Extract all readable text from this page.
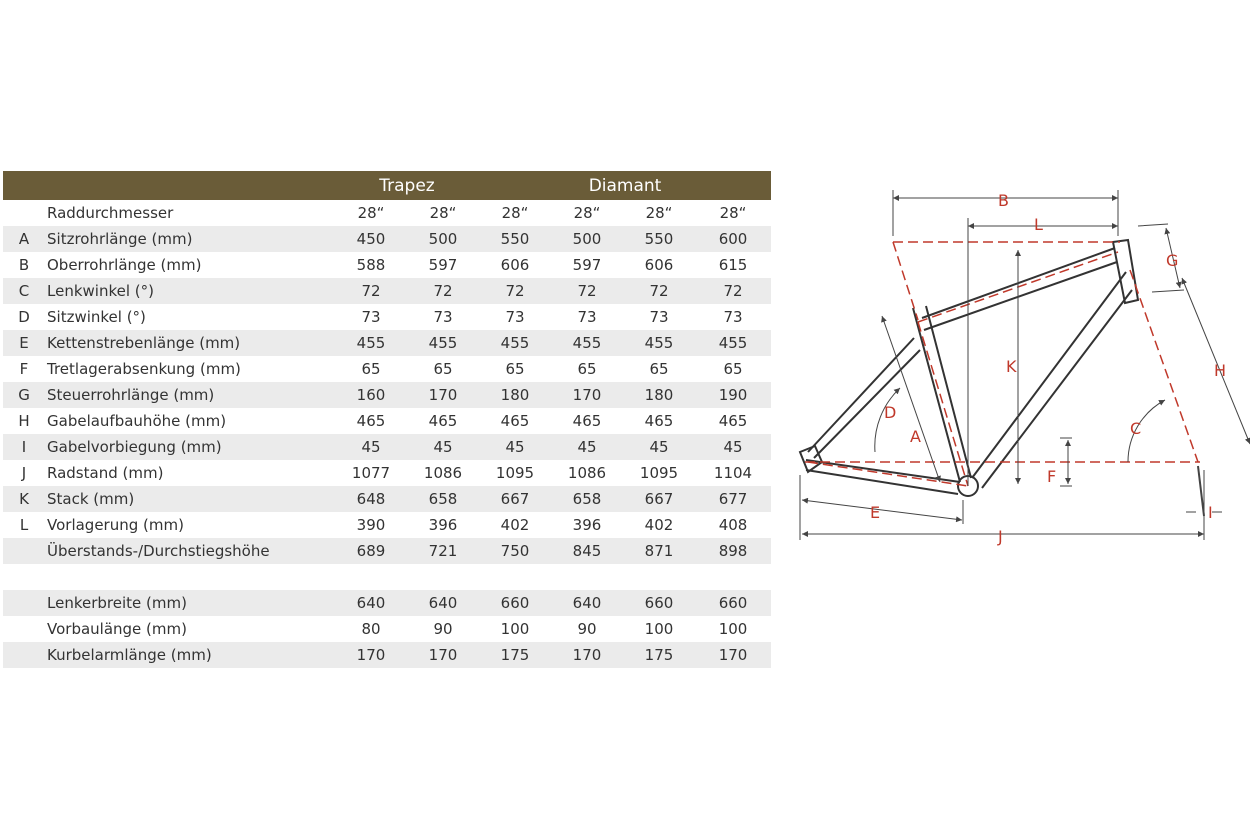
		Trapez		Diamant			
	Raddurchmesser	28“	28“	28“	28“	28“	28“
A	Sitzrohrlänge (mm)	450	500	550	500	550	600
B	Oberrohrlänge (mm)	588	597	606	597	606	615
C	Lenkwinkel (°)	72	72	72	72	72	72
D	Sitzwinkel (°)	73	73	73	73	73	73
E	Kettenstrebenlänge (mm)	455	455	455	455	455	455
F	Tretlagerabsenkung (mm)	65	65	65	65	65	65
G	Steuerrohrlänge (mm)	160	170	180	170	180	190
H	Gabelaufbauhöhe (mm)	465	465	465	465	465	465
I	Gabelvorbiegung (mm)	45	45	45	45	45	45
J	Radstand (mm)	1077	1086	1095	1086	1095	1104
K	Stack (mm)	648	658	667	658	667	677
L	Vorlagerung (mm)	390	396	402	396	402	408
	Überstands-/Durchstiegshöhe	689	721	750	845	871	898

	Lenkerbreite (mm)	640	640	660	640	660	660
	Vorbaulänge (mm)	80	90	100	90	100	100
	Kurbelarmlänge (mm)	170	170	175	170	175	170
B
L
G
H
K
D
A	C
F
E
J
I
